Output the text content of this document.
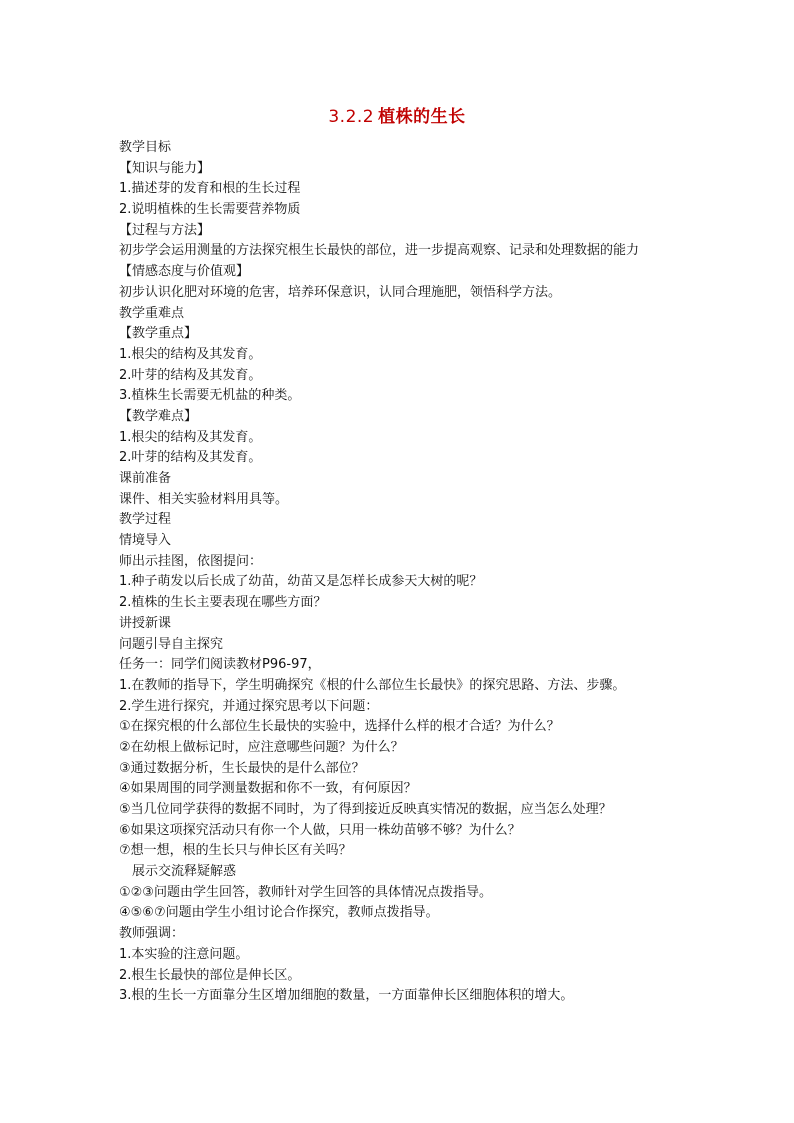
3.2.2 植株的生长
教学目标
【知识与能力】
1.描述芽的发育和根的生长过程
2.说明植株的生长需要营养物质
【过程与方法】
初步学会运用测量的方法探究根生长最快的部位，进一步提高观察、记录和处理数据的能力
【情感态度与价值观】
初步认识化肥对环境的危害，培养环保意识，认同合理施肥，领悟科学方法。
教学重难点
【教学重点】
1.根尖的结构及其发育。
2.叶芽的结构及其发育。
3.植株生长需要无机盐的种类。
【教学难点】
1.根尖的结构及其发育。
2.叶芽的结构及其发育。
课前准备
课件、相关实验材料用具等。
教学过程
情境导入
师出示挂图，依图提问：
1.种子萌发以后长成了幼苗，幼苗又是怎样长成参天大树的呢？
2.植株的生长主要表现在哪些方面？
讲授新课
问题引导自主探究
任务一：同学们阅读教材P96-97，
1.在教师的指导下，学生明确探究《根的什么部位生长最快》的探究思路、方法、步骤。
2.学生进行探究，并通过探究思考以下问题：
①在探究根的什么部位生长最快的实验中，选择什么样的根才合适？为什么？
②在幼根上做标记时，应注意哪些问题？为什么？
③通过数据分析，生长最快的是什么部位？
④如果周围的同学测量数据和你不一致，有何原因？
⑤当几位同学获得的数据不同时，为了得到接近反映真实情况的数据，应当怎么处理？
⑥如果这项探究活动只有你一个人做，只用一株幼苗够不够？为什么？
⑦想一想，根的生长只与伸长区有关吗？
展示交流释疑解惑
①②③问题由学生回答，教师针对学生回答的具体情况点拨指导。
④⑤⑥⑦问题由学生小组讨论合作探究，教师点拨指导。
教师强调：
1.本实验的注意问题。
2.根生长最快的部位是伸长区。
3.根的生长一方面靠分生区增加细胞的数量，一方面靠伸长区细胞体积的增大。
